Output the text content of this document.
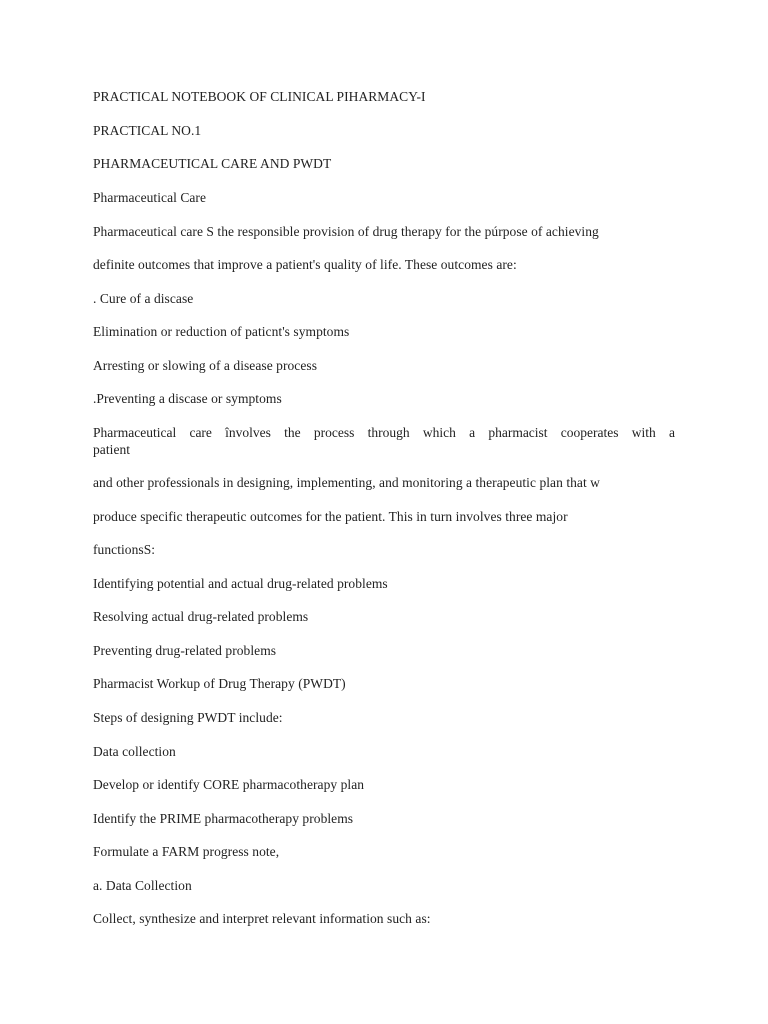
PRACTICAL NOTEBOOK OF CLINICAL PIHARMACY-I
PRACTICAL NO.1
PHARMACEUTICAL CARE AND PWDT
Pharmaceutical Care
Pharmaceutical care S the responsible provision of drug therapy for the púrpose of achieving
definite outcomes that improve a patient's quality of life. These outcomes are:
. Cure of a discase
Elimination or reduction of paticnt's symptoms
Arresting or slowing of a disease process
.Preventing a discase or symptoms
Pharmaceutical care învolves the process through which a pharmacist cooperates with a
patient
and other professionals in designing, implementing, and monitoring a therapeutic plan that w
produce specific therapeutic outcomes for the patient. This in turn involves three major
functionsS:
Identifying potential and actual drug-related problems
Resolving actual drug-related problems
Preventing drug-related problems
Pharmacist Workup of Drug Therapy (PWDT)
Steps of designing PWDT include:
Data collection
Develop or identify CORE pharmacotherapy plan
Identify the PRIME pharmacotherapy problems
Formulate a FARM progress note,
a. Data Collection
Collect, synthesize and interpret relevant information such as:
